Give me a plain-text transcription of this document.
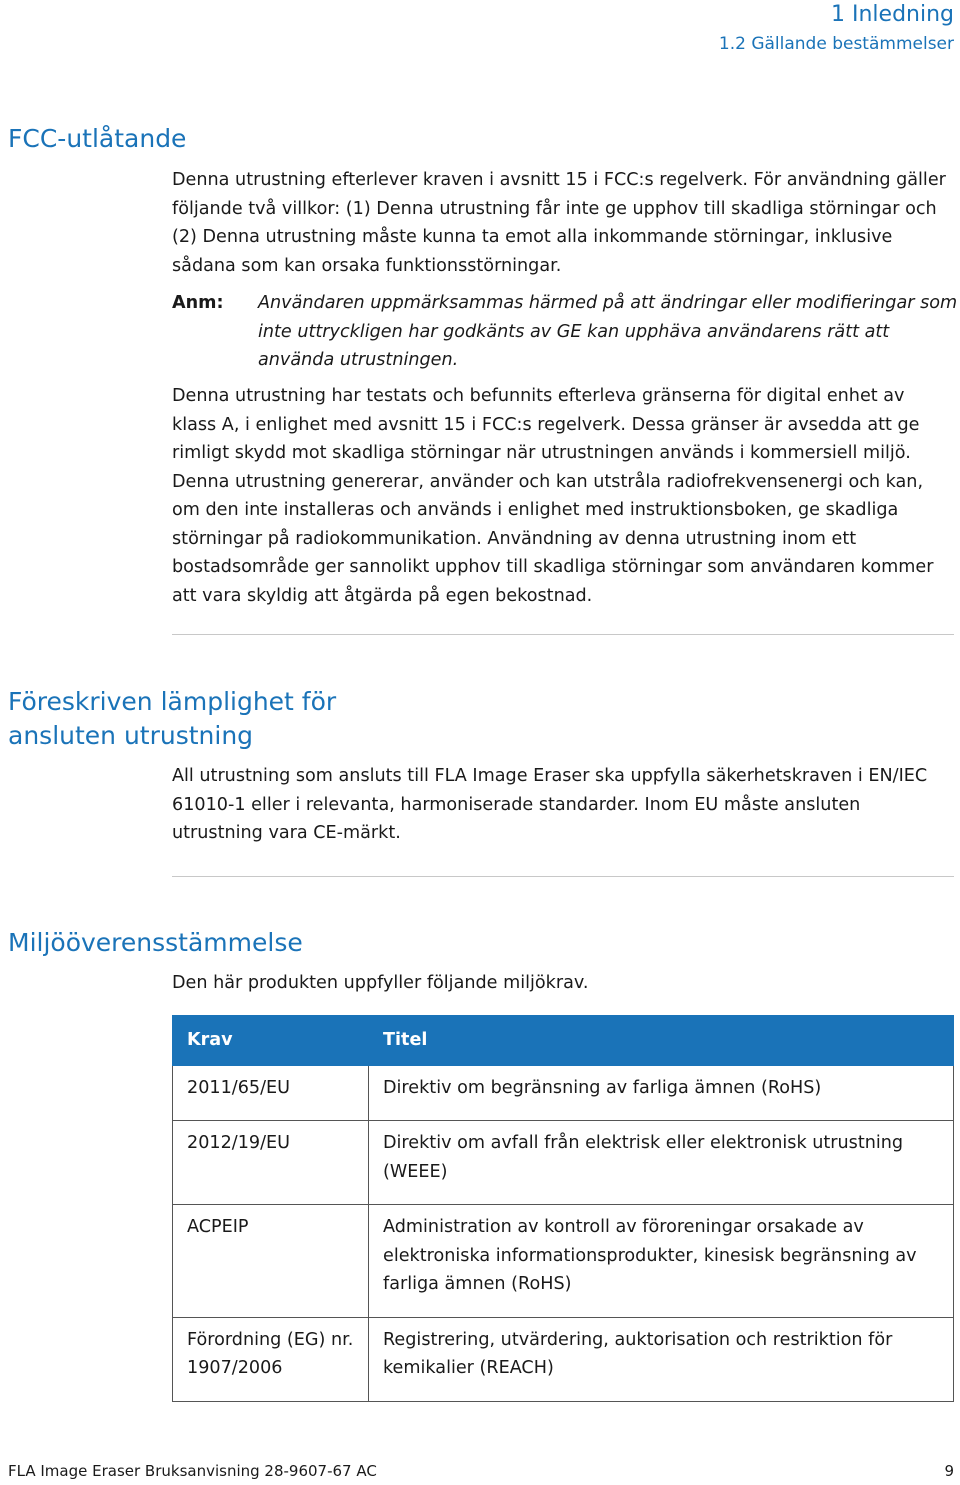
1 Inledning
1.2 Gällande bestämmelser
FCC-utlåtande

Denna utrustning efterlever kraven i avsnitt 15 i FCC:s regelverk. För användning gäller följande två villkor: (1) Denna utrustning får inte ge upphov till skadliga störningar och (2) Denna utrustning måste kunna ta emot alla inkommande störningar, inklusive sådana som kan orsaka funktionsstörningar.

Anm: Användaren uppmärksammas härmed på att ändringar eller modifieringar som inte uttryckligen har godkänts av GE kan upphäva användarens rätt att använda utrustningen.

Denna utrustning har testats och befunnits efterleva gränserna för digital enhet av klass A, i enlighet med avsnitt 15 i FCC:s regelverk. Dessa gränser är avsedda att ge rimligt skydd mot skadliga störningar när utrustningen används i kommersiell miljö. Denna utrustning genererar, använder och kan utstråla radiofrekvensenergi och kan, om den inte installeras och används i enlighet med instruktionsboken, ge skadliga störningar på radiokommunikation. Användning av denna utrustning inom ett bostadsområde ger sannolikt upphov till skadliga störningar som användaren kommer att vara skyldig att åtgärda på egen bekostnad.

Föreskriven lämplighet för
ansluten utrustning

All utrustning som ansluts till FLA Image Eraser ska uppfylla säkerhetskraven i EN/IEC 61010-1 eller i relevanta, harmoniserade standarder. Inom EU måste ansluten utrustning vara CE-märkt.

Miljööverensstämmelse
Den här produkten uppfyller följande miljökrav.
Krav	Titel
2011/65/EU	Direktiv om begränsning av farliga ämnen (RoHS)
2012/19/EU	Direktiv om avfall från elektrisk eller elektronisk utrustning (WEEE)
ACPEIP	Administration av kontroll av föroreningar orsakade av elektroniska informationsprodukter, kinesisk begränsning av farliga ämnen (RoHS)
Förordning (EG) nr. 1907/2006	Registrering, utvärdering, auktorisation och restriktion för kemikalier (REACH)
FLA Image Eraser Bruksanvisning 28-9607-67 AC	9
